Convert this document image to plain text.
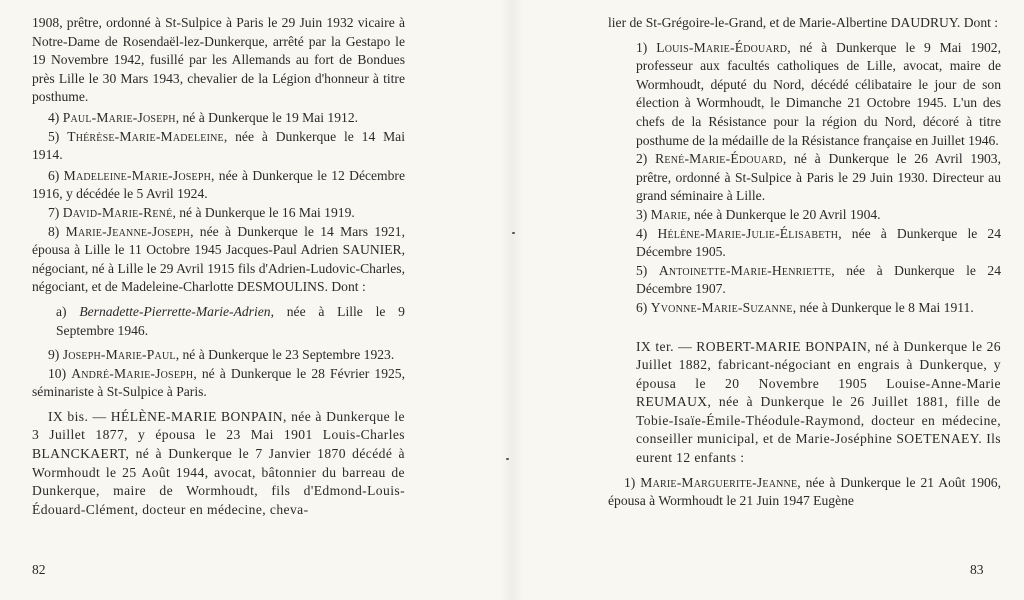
1908, prêtre, ordonné à St-Sulpice à Paris le 29 Juin 1932 vicaire à Notre-Dame de Rosendaël-lez-Dunkerque, arrêté par la Gestapo le 19 Novembre 1942, fusillé par les Allemands au fort de Bondues près Lille le 30 Mars 1943, chevalier de la Légion d'honneur à titre posthume.

4) Paul-Marie-Joseph, né à Dunkerque le 19 Mai 1912.

5) Thérèse-Marie-Madeleine, née à Dunkerque le 14 Mai 1914.

6) Madeleine-Marie-Joseph, née à Dunkerque le 12 Décembre 1916, y décédée le 5 Avril 1924.

7) David-Marie-René, né à Dunkerque le 16 Mai 1919.

8) Marie-Jeanne-Joseph, née à Dunkerque le 14 Mars 1921, épousa à Lille le 11 Octobre 1945 Jacques-Paul Adrien SAUNIER, négociant, né à Lille le 29 Avril 1915 fils d'Adrien-Ludovic-Charles, négociant, et de Madeleine-Charlotte DESMOULINS. Dont :

a) Bernadette-Pierrette-Marie-Adrien, née à Lille le 9 Septembre 1946.

9) Joseph-Marie-Paul, né à Dunkerque le 23 Septembre 1923.

10) André-Marie-Joseph, né à Dunkerque le 28 Février 1925, séminariste à St-Sulpice à Paris.

IX bis. — HÉLÈNE-MARIE BONPAIN, née à Dunkerque le 3 Juillet 1877, y épousa le 23 Mai 1901 Louis-Charles BLANCKAERT, né à Dunkerque le 7 Janvier 1870 décédé à Wormhoudt le 25 Août 1944, avocat, bâtonnier du barreau de Dunkerque, maire de Wormhoudt, fils d'Edmond-Louis-Édouard-Clément, docteur en médecine, cheva-

82

lier de St-Grégoire-le-Grand, et de Marie-Albertine DAUDRUY. Dont :

1) Louis-Marie-Édouard, né à Dunkerque le 9 Mai 1902, professeur aux facultés catholiques de Lille, avocat, maire de Wormhoudt, député du Nord, décédé célibataire le jour de son élection à Wormhoudt, le Dimanche 21 Octobre 1945. L'un des chefs de la Résistance pour la région du Nord, décoré à titre posthume de la médaille de la Résistance française en Juillet 1946.

2) René-Marie-Édouard, né à Dunkerque le 26 Avril 1903, prêtre, ordonné à St-Sulpice à Paris le 29 Juin 1930. Directeur au grand séminaire à Lille.

3) Marie, née à Dunkerque le 20 Avril 1904.

4) Hélène-Marie-Julie-Élisabeth, née à Dunkerque le 24 Décembre 1905.

5) Antoinette-Marie-Henriette, née à Dunkerque le 24 Décembre 1907.

6) Yvonne-Marie-Suzanne, née à Dunkerque le 8 Mai 1911.

IX ter. — ROBERT-MARIE BONPAIN, né à Dunkerque le 26 Juillet 1882, fabricant-négociant en engrais à Dunkerque, y épousa le 20 Novembre 1905 Louise-Anne-Marie REUMAUX, née à Dunkerque le 26 Juillet 1881, fille de Tobie-Isaïe-Émile-Théodule-Raymond, docteur en médecine, conseiller municipal, et de Marie-Joséphine SOETENAEY. Ils eurent 12 enfants :

1) Marie-Marguerite-Jeanne, née à Dunkerque le 21 Août 1906, épousa à Wormhoudt le 21 Juin 1947 Eugène

83
